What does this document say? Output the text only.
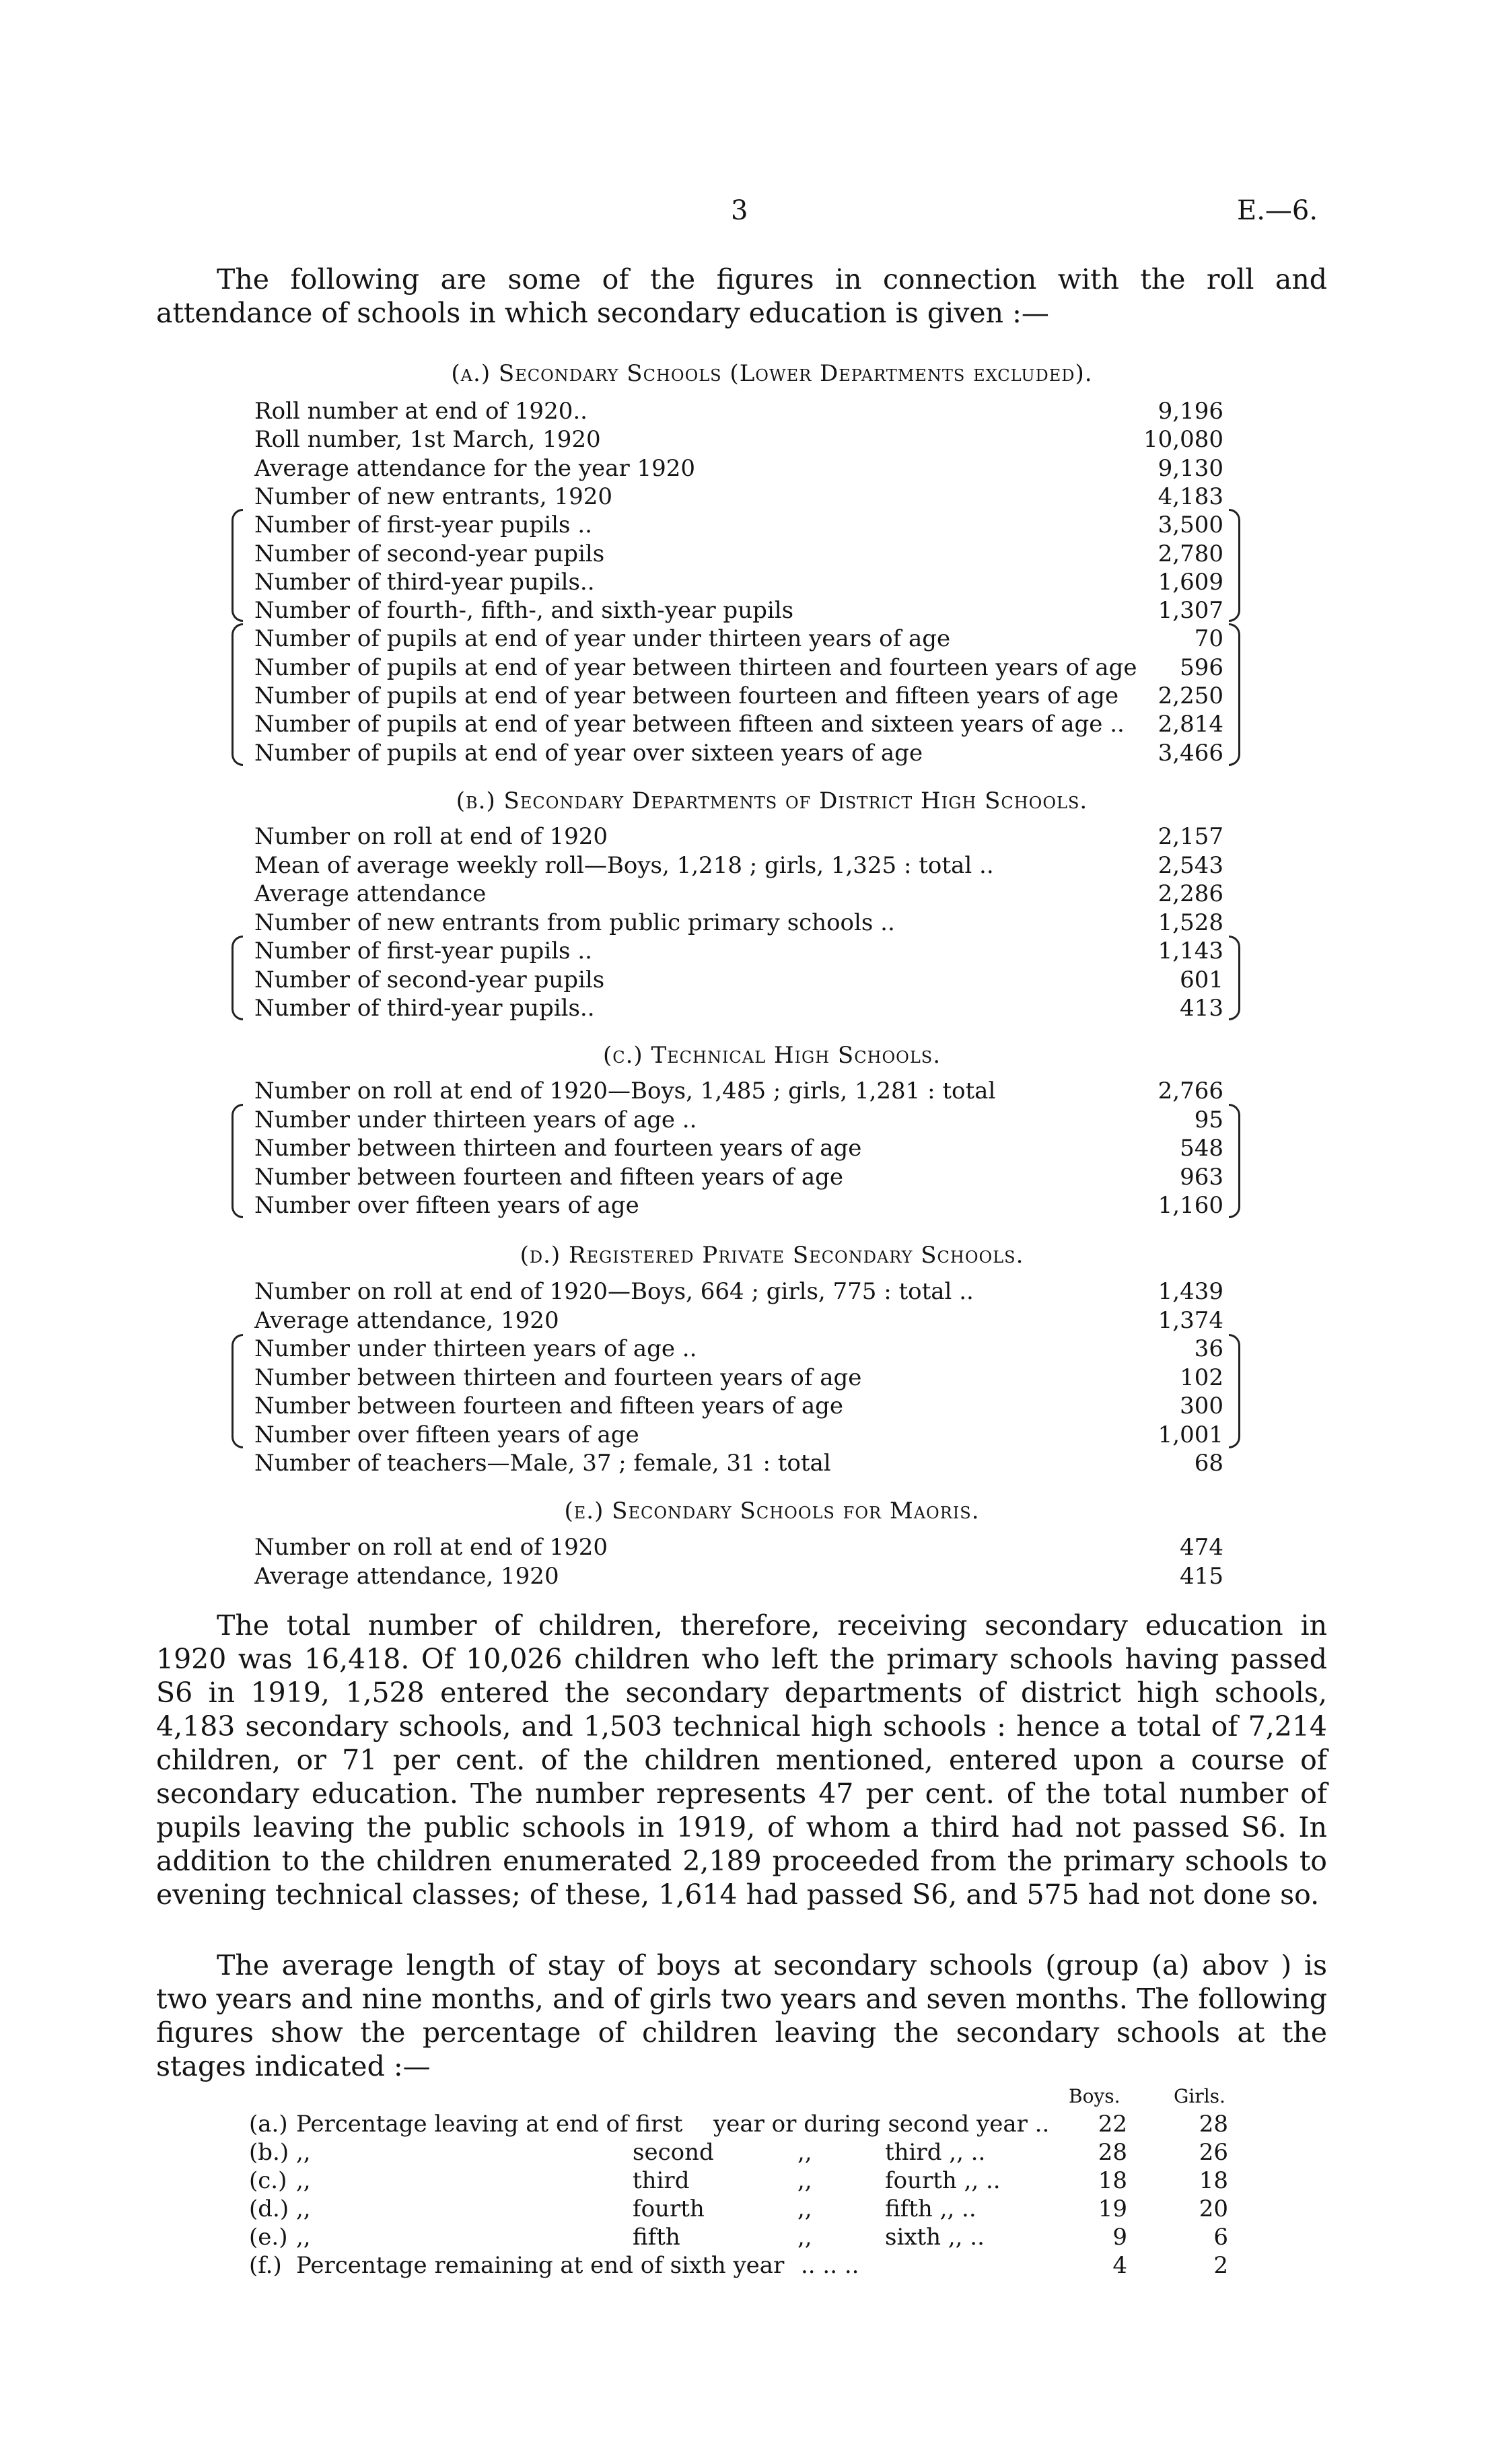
3	E.—6.
The following are some of the figures in connection with the roll and attendance of schools in which secondary education is given :—
(a.) Secondary Schools (Lower Departments excluded).
Roll number at end of 1920..	9,196
Roll number, 1st March, 1920	10,080
Average attendance for the year 1920	9,130
Number of new entrants, 1920	4,183
Number of first-year pupils ..	3,500
Number of second-year pupils	2,780
Number of third-year pupils..	1,609
Number of fourth-, fifth-, and sixth-year pupils	1,307
Number of pupils at end of year under thirteen years of age	70
Number of pupils at end of year between thirteen and fourteen years of age 596
Number of pupils at end of year between fourteen and fifteen years of age 2,250
Number of pupils at end of year between fifteen and sixteen years of age .. 2,814
Number of pupils at end of year over sixteen years of age	3,466
(b.) Secondary Departments of District High Schools.
Number on roll at end of 1920	2,157
Mean of average weekly roll—Boys, 1,218 ; girls, 1,325 : total ..	2,543
Average attendance	2,286
Number of new entrants from public primary schools ..	1,528
Number of first-year pupils ..	1,143
Number of second-year pupils	601
Number of third-year pupils..	413
(c.) Technical High Schools.
Number on roll at end of 1920—Boys, 1,485 ; girls, 1,281 : total	2,766
Number under thirteen years of age ..	95
Number between thirteen and fourteen years of age	548
Number between fourteen and fifteen years of age	963
Number over fifteen years of age	1,160
(d.) Registered Private Secondary Schools.
Number on roll at end of 1920—Boys, 664 ; girls, 775 : total ..	1,439
Average attendance, 1920	1,374
Number under thirteen years of age ..	36
Number between thirteen and fourteen years of age	102
Number between fourteen and fifteen years of age	300
Number over fifteen years of age	1,001
Number of teachers—Male, 37 ; female, 31 : total	68
(e.) Secondary Schools for Maoris.
Number on roll at end of 1920	474
Average attendance, 1920	415
The total number of children, therefore, receiving secondary education in 1920 was 16,418. Of 10,026 children who left the primary schools having passed S6 in 1919, 1,528 entered the secondary departments of district high schools, 4,183 secondary schools, and 1,503 technical high schools : hence a total of 7,214 children, or 71 per cent. of the children mentioned, entered upon a course of secondary education. The number represents 47 per cent. of the total number of pupils leaving the public schools in 1919, of whom a third had not passed S6. In addition to the children enumerated 2,189 proceeded from the primary schools to evening technical classes; of these, 1,614 had passed S6, and 575 had not done so.
The average length of stay of boys at secondary schools (group (a) abov ) is two years and nine months, and of girls two years and seven months. The following figures show the percentage of children leaving the secondary schools at the stages indicated :—
Boys.	Girls.
(a.) Percentage leaving at end of first year or during second year ..	22	28
(b.) ,,	second	,,	third ,, ..	28	26
(c.) ,,	third	,,	fourth ,, ..	18	18
(d.) ,,	fourth	,,	fifth ,, ..	19	20
(e.) ,,	fifth	,,	sixth ,, ..	9	6
(f.) Percentage remaining at end of sixth year .. .. ..	4	2
